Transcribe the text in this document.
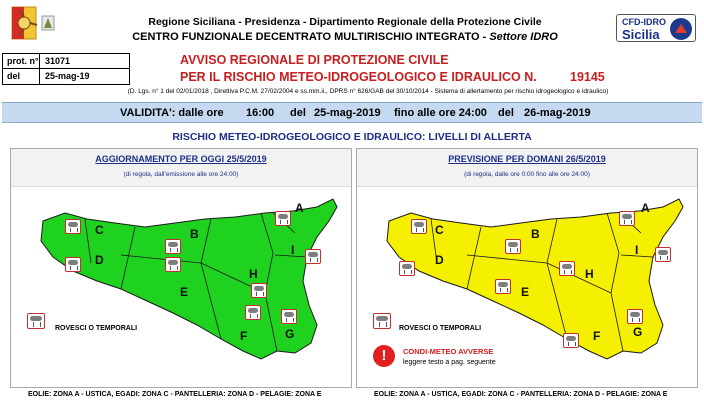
Regione Siciliana - Presidenza - Dipartimento Regionale della Protezione Civile
CENTRO FUNZIONALE DECENTRATO MULTIRISCHIO INTEGRATO - Settore IDRO
CFD-IDRO
Sicilia
prot. n° 31071
del	25-mag-19
AVVISO REGIONALE DI PROTEZIONE CIVILE
PER IL RISCHIO METEO-IDROGEOLOGICO E IDRAULICO N.	19145
(D. Lgs. n° 1 del 02/01/2018 , Direttiva P.C.M. 27/02/2004 e ss.mm.ii., DPRS n° 626/GAB del 30/10/2014 - Sistema di allertamento per rischio idrogeologico e idraulico)
VALIDITA': dalle ore 16:00 del 25-mag-2019 fino alle ore 24:00 del 26-mag-2019
RISCHIO METEO-IDROGEOLOGICO E IDRAULICO: LIVELLI DI ALLERTA
AGGIORNAMENTO PER OGGI 25/5/2019
(di regola, dall'emissione alle ore 24:00)
A
B
C
D
E
F	G
H
I
ROVESCI O TEMPORALI
PREVISIONE PER DOMANI 26/5/2019
(di regola, dalle ore 0:00 fino alle ore 24:00)
A
B
C
D
E
F	G
H
I
ROVESCI O TEMPORALI
!	CONDI-METEO AVVERSE
leggere testo a pag. seguente
EOLIE: ZONA A - USTICA, EGADI: ZONA C - PANTELLERIA: ZONA D - PELAGIE: ZONA E	EOLIE: ZONA A - USTICA, EGADI: ZONA C - PANTELLERIA: ZONA D - PELAGIE: ZONA E
